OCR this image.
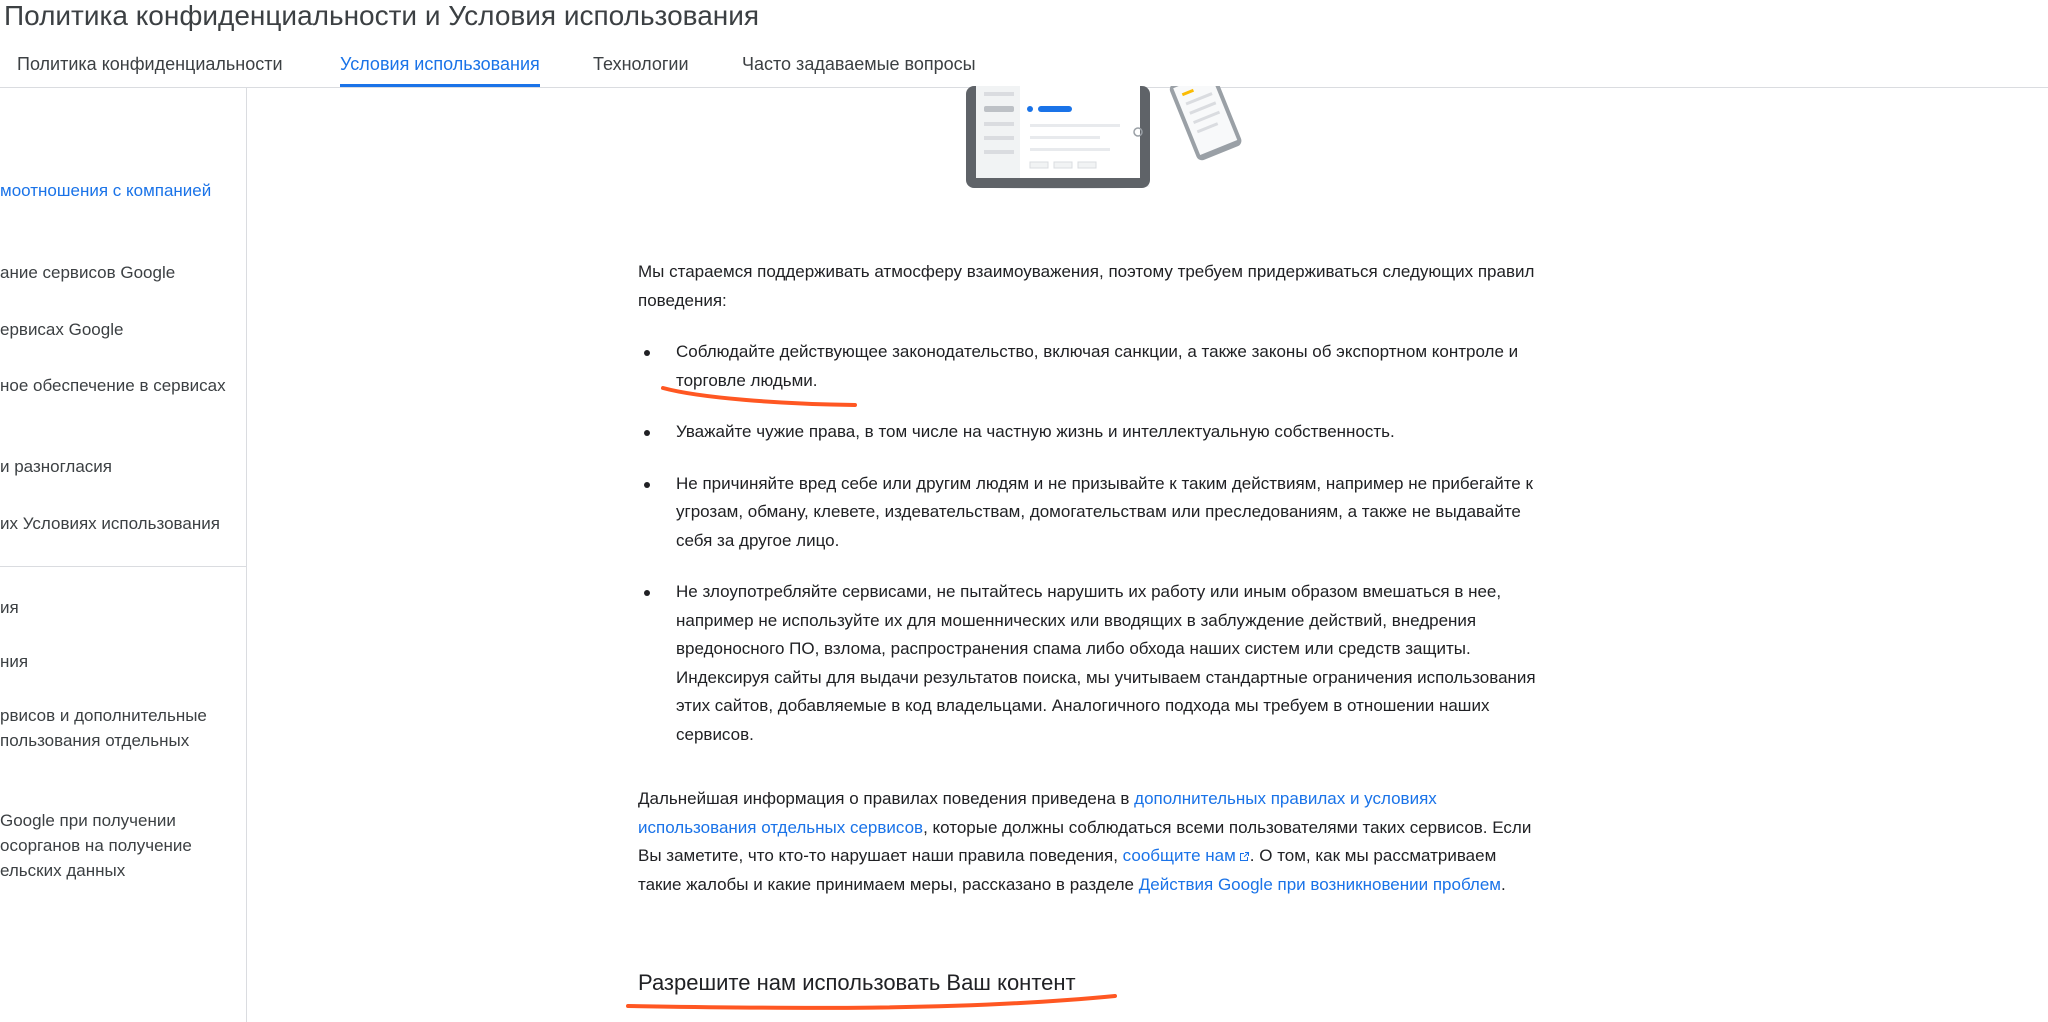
Политика конфиденциальности и Условия использования
Политика конфиденциальности	Условия использования	Технологии	Часто задаваемые вопросы
моотношения с компанией
ание сервисов Google
ервисах Google
ное обеспечение в сервисах
и разногласия
их Условиях использования
ия
ния
рвисов и дополнительные
пользования отдельных
Google при получении
осорганов на получение
ельских данных

Мы стараемся поддерживать атмосферу взаимоуважения, поэтому требуем придерживаться следующих правил поведения:

Соблюдайте действующее законодательство, включая санкции, а также законы об экспортном контроле и торговле людьми.
Уважайте чужие права, в том числе на частную жизнь и интеллектуальную собственность.
Не причиняйте вред себе или другим людям и не призывайте к таким действиям, например не прибегайте к угрозам, обману, клевете, издевательствам, домогательствам или преследованиям, а также не выдавайте себя за другое лицо.
Не злоупотребляйте сервисами, не пытайтесь нарушить их работу или иным образом вмешаться в нее, например не используйте их для мошеннических или вводящих в заблуждение действий, внедрения вредоносного ПО, взлома, распространения спама либо обхода наших систем или средств защиты. Индексируя сайты для выдачи результатов поиска, мы учитываем стандартные ограничения использования этих сайтов, добавляемые в код владельцами. Аналогичного подхода мы требуем в отношении наших сервисов.

Дальнейшая информация о правилах поведения приведена в дополнительных правилах и условиях использования отдельных сервисов, которые должны соблюдаться всеми пользователями таких сервисов. Если Вы заметите, что кто-то нарушает наши правила поведения, сообщите нам . О том, как мы рассматриваем такие жалобы и какие принимаем меры, рассказано в разделе Действия Google при возникновении проблем.

Разрешите нам использовать Ваш контент
